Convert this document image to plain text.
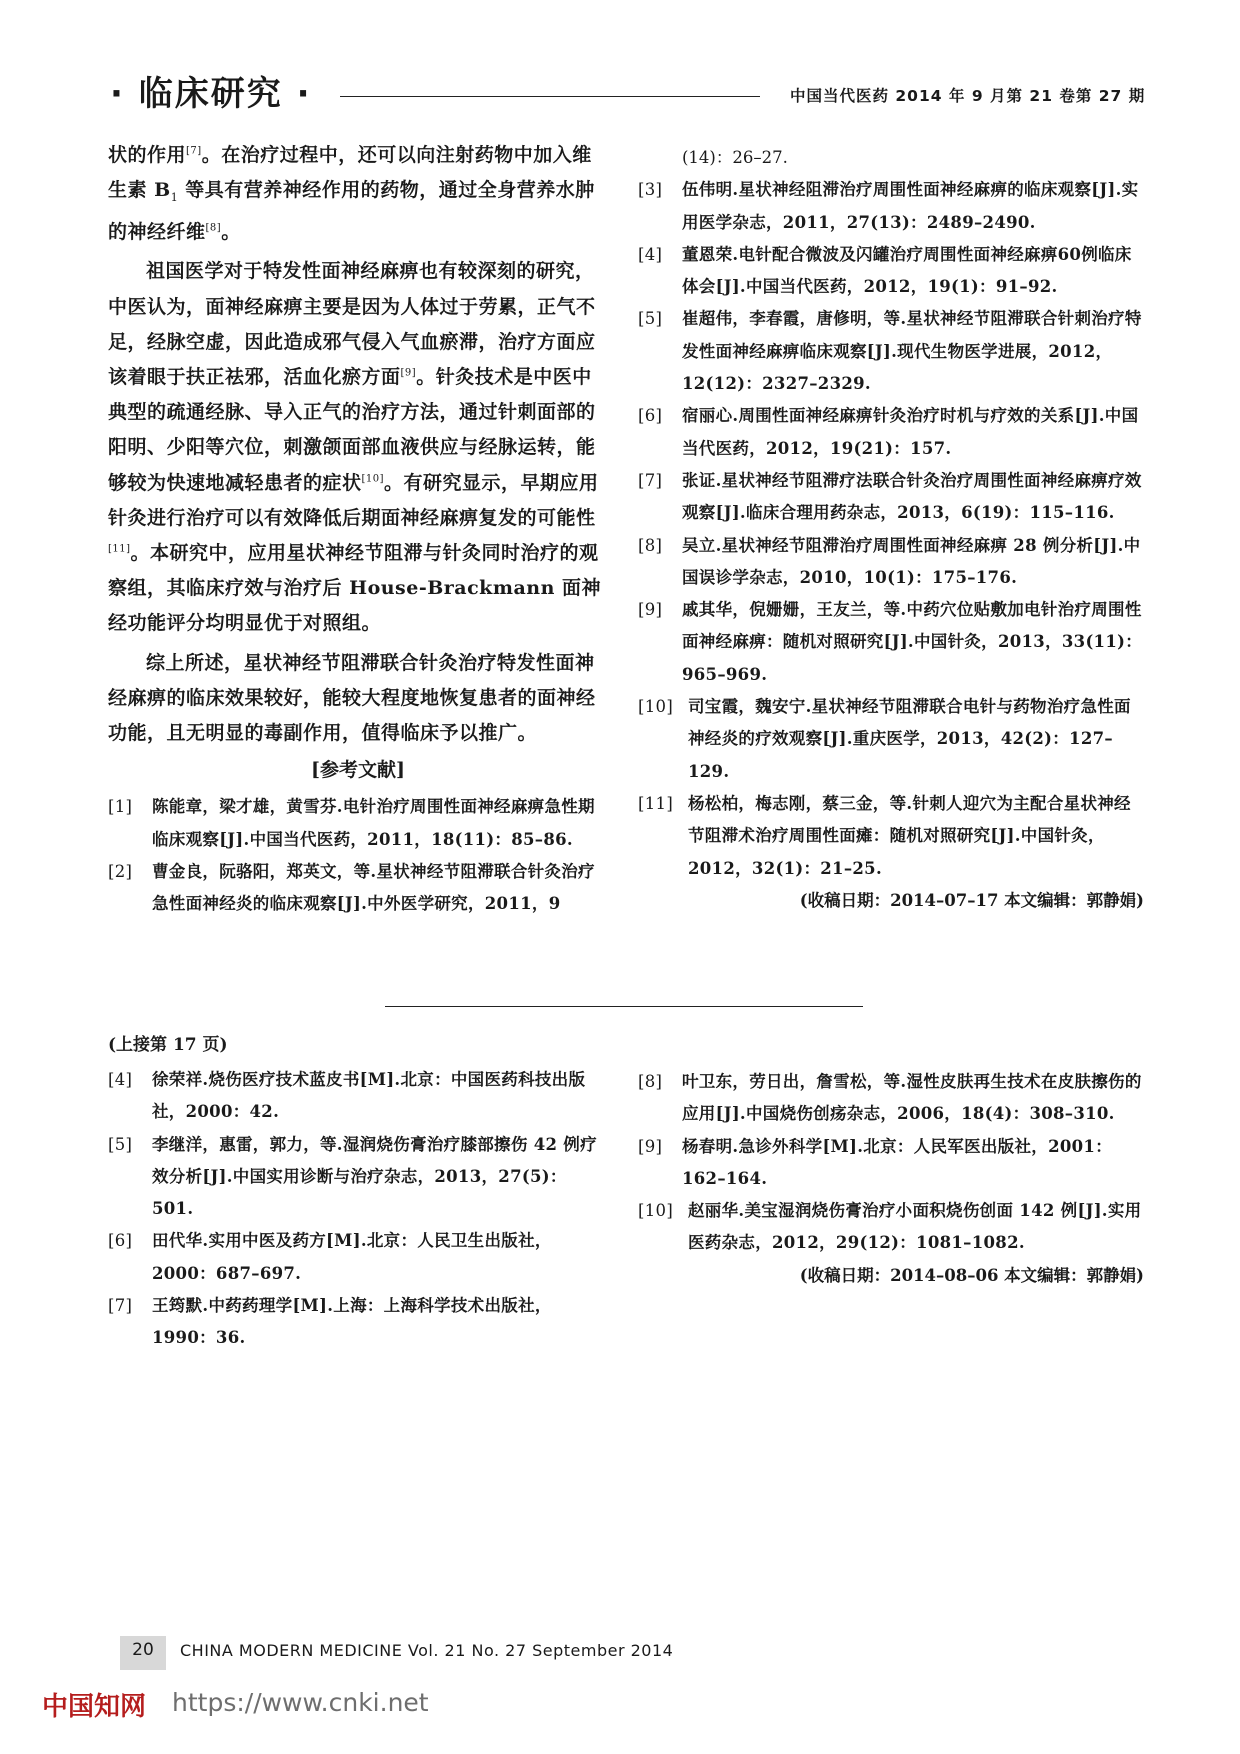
· 临床研究 ·	中国当代医药 2014 年 9 月第 21 卷第 27 期

状的作用[7]。在治疗过程中，还可以向注射药物中加入维生素 $B_1$ 等具有营养神经作用的药物，通过全身营养水肿的神经纤维[8]。

祖国医学对于特发性面神经麻痹也有较深刻的研究，中医认为，面神经麻痹主要是因为人体过于劳累，正气不足，经脉空虚，因此造成邪气侵入气血瘀滞，治疗方面应该着眼于扶正祛邪，活血化瘀方面[9]。针灸技术是中医中典型的疏通经脉、导入正气的治疗方法，通过针刺面部的阳明、少阳等穴位，刺激颌面部血液供应与经脉运转，能够较为快速地减轻患者的症状[10]。有研究显示，早期应用针灸进行治疗可以有效降低后期面神经麻痹复发的可能性[11]。本研究中，应用星状神经节阻滞与针灸同时治疗的观察组，其临床疗效与治疗后 House-Brackmann 面神经功能评分均明显优于对照组。

综上所述，星状神经节阻滞联合针灸治疗特发性面神经麻痹的临床效果较好，能较大程度地恢复患者的面神经功能，且无明显的毒副作用，值得临床予以推广。

[参考文献]
[1]	陈能章，梁才雄，黄雪芬.电针治疗周围性面神经麻痹急性期临床观察[J].中国当代医药，2011，18(11)：85–86.
[2]	曹金良，阮骆阳，郑英文，等.星状神经节阻滞联合针灸治疗急性面神经炎的临床观察[J].中外医学研究，2011，9
(14)：26–27.
[3]	伍伟明.星状神经阻滞治疗周围性面神经麻痹的临床观察[J].实用医学杂志，2011，27(13)：2489–2490.
[4]	董恩荣.电针配合微波及闪罐治疗周围性面神经麻痹60例临床体会[J].中国当代医药，2012，19(1)：91–92.
[5]	崔超伟，李春霞，唐修明，等.星状神经节阻滞联合针刺治疗特发性面神经麻痹临床观察[J].现代生物医学进展，2012，12(12)：2327–2329.
[6]	宿丽心.周围性面神经麻痹针灸治疗时机与疗效的关系[J].中国当代医药，2012，19(21)：157.
[7]	张证.星状神经节阻滞疗法联合针灸治疗周围性面神经麻痹疗效观察[J].临床合理用药杂志，2013，6(19)：115–116.
[8]	吴立.星状神经节阻滞治疗周围性面神经麻痹 28 例分析[J].中国误诊学杂志，2010，10(1)：175–176.
[9]	戚其华，倪姗姗，王友兰，等.中药穴位贴敷加电针治疗周围性面神经麻痹：随机对照研究[J].中国针灸，2013，33(11)：965–969.
[10] 司宝霞，魏安宁.星状神经节阻滞联合电针与药物治疗急性面神经炎的疗效观察[J].重庆医学，2013，42(2)：127–129.
[11] 杨松柏，梅志刚，蔡三金，等.针刺人迎穴为主配合星状神经节阻滞术治疗周围性面瘫：随机对照研究[J].中国针灸，2012，32(1)：21–25.
(收稿日期：2014–07–17 本文编辑：郭静娟)
(上接第 17 页)
[4]	徐荣祥.烧伤医疗技术蓝皮书[M].北京：中国医药科技出版社，2000：42.
[5]	李继洋，惠雷，郭力，等.湿润烧伤膏治疗膝部擦伤 42 例疗效分析[J].中国实用诊断与治疗杂志，2013，27(5)：501.
[6]	田代华.实用中医及药方[M].北京：人民卫生出版社，2000：687–697.
[7]	王筠默.中药药理学[M].上海：上海科学技术出版社，1990：36.
[8]	叶卫东，劳日出，詹雪松，等.湿性皮肤再生技术在皮肤擦伤的应用[J].中国烧伤创疡杂志，2006，18(4)：308–310.
[9]	杨春明.急诊外科学[M].北京：人民军医出版社，2001：162–164.
[10] 赵丽华.美宝湿润烧伤膏治疗小面积烧伤创面 142 例[J].实用医药杂志，2012，29(12)：1081–1082.
(收稿日期：2014–08–06 本文编辑：郭静娟)
20	CHINA MODERN MEDICINE Vol. 21 No. 27 September 2014
中国知网 https://www.cnki.net
